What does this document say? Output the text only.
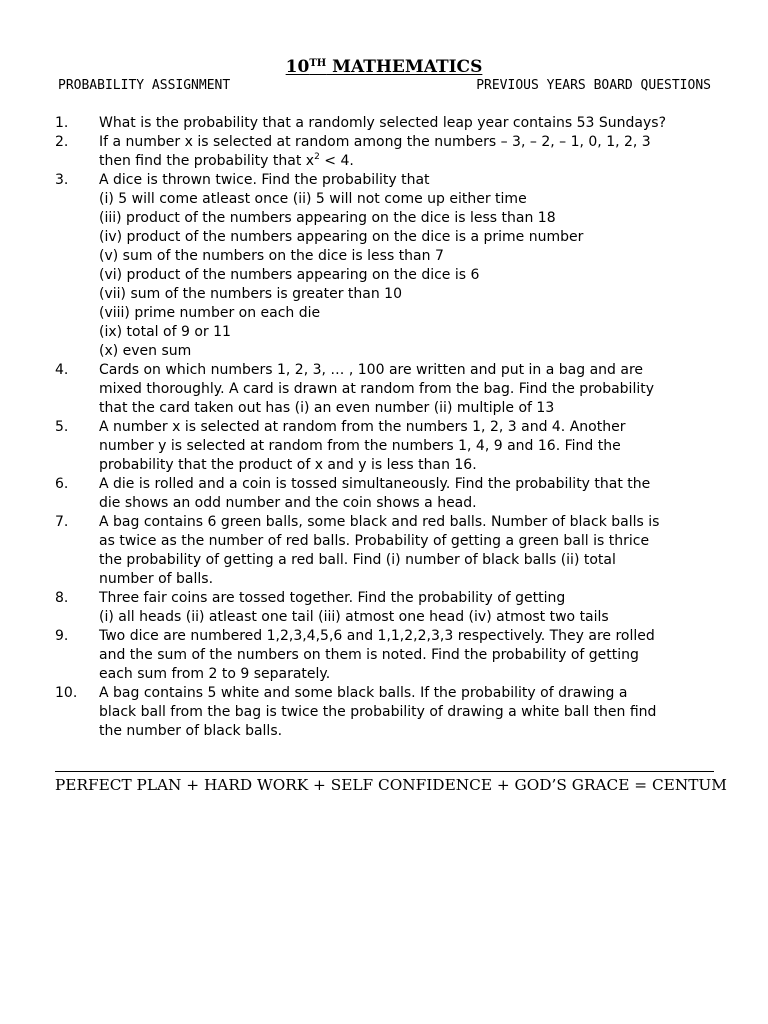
10TH MATHEMATICS
PROBABILITY ASSIGNMENT	PREVIOUS YEARS BOARD QUESTIONS
1.	What is the probability that a randomly selected leap year contains 53 Sundays?
2.	If a number x is selected at random among the numbers – 3, – 2, – 1, 0, 1, 2, 3
then find the probability that $x^2 < 4$.
3.	A dice is thrown twice. Find the probability that
(i) 5 will come atleast once (ii) 5 will not come up either time
(iii) product of the numbers appearing on the dice is less than 18
(iv) product of the numbers appearing on the dice is a prime number
(v) sum of the numbers on the dice is less than 7
(vi) product of the numbers appearing on the dice is 6
(vii) sum of the numbers is greater than 10
(viii) prime number on each die
(ix) total of 9 or 11
(x) even sum
4.	Cards on which numbers 1, 2, 3, … , 100 are written and put in a bag and are
mixed thoroughly. A card is drawn at random from the bag. Find the probability
that the card taken out has (i) an even number (ii) multiple of 13
5.	A number x is selected at random from the numbers 1, 2, 3 and 4. Another
number y is selected at random from the numbers 1, 4, 9 and 16. Find the
probability that the product of x and y is less than 16.
6.	A die is rolled and a coin is tossed simultaneously. Find the probability that the
die shows an odd number and the coin shows a head.
7.	A bag contains 6 green balls, some black and red balls. Number of black balls is
as twice as the number of red balls. Probability of getting a green ball is thrice
the probability of getting a red ball. Find (i) number of black balls (ii) total
number of balls.
8.	Three fair coins are tossed together. Find the probability of getting
(i) all heads (ii) atleast one tail (iii) atmost one head (iv) atmost two tails
9.	Two dice are numbered 1,2,3,4,5,6 and 1,1,2,2,3,3 respectively. They are rolled
and the sum of the numbers on them is noted. Find the probability of getting
each sum from 2 to 9 separately.
10.	A bag contains 5 white and some black balls. If the probability of drawing a
black ball from the bag is twice the probability of drawing a white ball then find
the number of black balls.
PERFECT PLAN + HARD WORK + SELF CONFIDENCE + GOD’S GRACE = CENTUM
